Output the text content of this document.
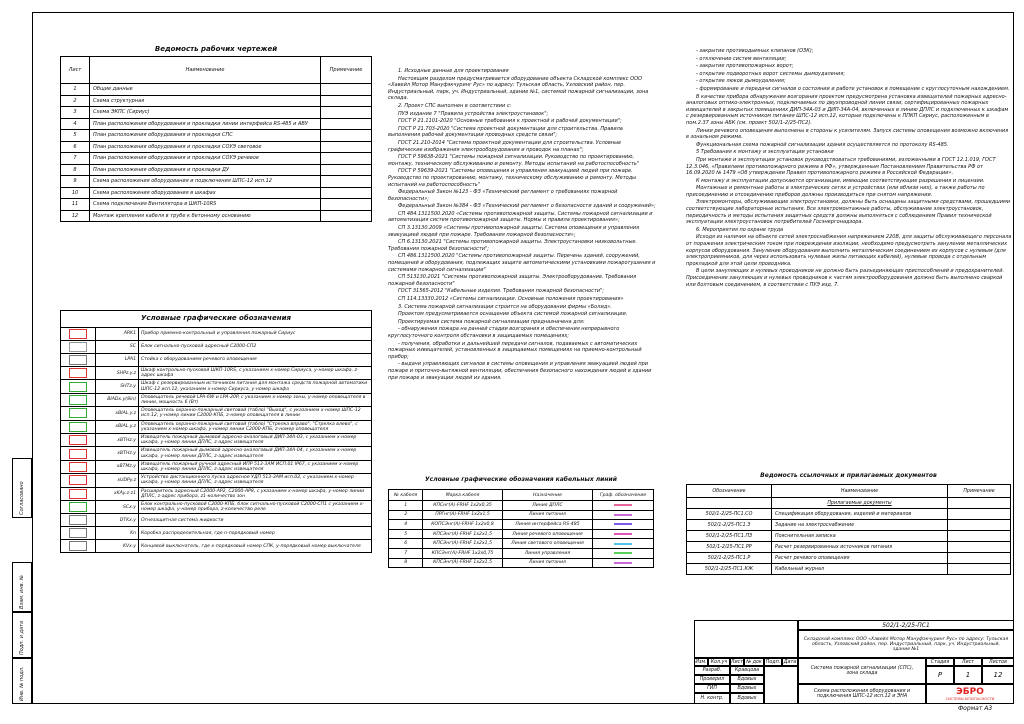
Согласовано
Взам. инв. №
Подп. и дата
Инв. № подл.
Ведомость рабочих чертежей		
Лист	Наименование	Примечание
1	Общие данные	
2	Схема структурная	
3	Схема ЭКПС (Сириус)	
4	План расположения оборудования и прокладки линии интерфейса RS-485 и АВУ	
5	План расположения оборудования и прокладки СПС	
6	План расположения оборудования и прокладки СОУЭ световое	
7	План расположения оборудования и прокладки СОУЭ речевое	
8	План расположения оборудования и прокладки ДУ	
9	Схема расположения оборудования и подключения ШПС-12 исп.12	
10	Схема расположения оборудования в шкафах	
11	Схема подключения Вентилятора в ШКП-10RS	
12	Монтаж крепления кабеля в трубе к бетонному основанию	
Условные графические обозначения		
	ARK1	Прибор приемно-контрольный и управления пожарный Сириус
	SC	Блок сигнально-пусковой адресный С2000-СП2
	LPA1	Стойка с оборудованием речевого оповещения
	SHPz.y.z	Шкаф контрольно-пусковой ШКП-10RS, с указанием х-номер Сириуса, у-номер шкафа, z-адрес шкафа
	SHTz.y	Шкаф с резервированным источником питания для монтажа средств пожарной автоматики ШПС-12 исп.12, указанием х-номер Сириуса, у-номер шкафа
	BIADx.y(8in)	Оповещатель речевой LPA-6W и LPA-20P, с указанием х-номер зоны, у-номер оповещателя в линии, мощность 6 (Вт)
	xBIAL.y.z	Оповещатель охранно-пожарный световой (табло) "Выход", с указанием х-номер ШПС-12 исп.12, у-номер линии С2000-КПБ, z-номер оповещателя в линии
	xBIAL.y.z	Оповещатель охранно-пожарный световой (табло) "Стрелка вправо", "Стрелка влево", с указанием х-номер шкафа, у-номер линии С2000-КПБ, z-номер оповещателя
	xBTHz.y	Извещатель пожарный дымовой адресно-аналоговый ДИП-34А-03, с указанием х-номер шкафа, у-номер линии ДПЛС, z-адрес извещателя
	xBTHz.y	Извещатель пожарный дымовой адресно-аналоговый ДИП-34А-04, с указанием х-номер шкафа, у-номер линии ДПЛС, z-адрес извещателя
	xBTMz.y	Извещатель пожарный ручной адресный ИПР 513-3АМ ИСП.01 IP67, с указанием х-номер шкафа, у-номер линии ДПЛС, z-адрес извещателя
	xUDPy.z	Устройство дистанционного пуска адресное УДП 513-3АМ исп.02, с указанием х-номер шкафа, у-номер линии ДПЛС, z-адрес извещателя
	xKAy.z-z1	Расширитель адресный С2000-АР2, С2000-АР8, с указанием х-номер шкафа, у-номер линии ДПЛС, z-адрес прибора, z1-количество зон
	SCx.y	Блок контрольно-пусковой С2000-КПБ, блок сигнально-пусковой С2000-СП1 с указанием х-номер шкафа, у-номер прибора, z-количество реле
	DTKx.y	Огнезащитная система жидкости
	Kn	Коробка распределительная, где n-порядковый номер
	KVx.y	Концевой выключатель, где х-порядковый номер СПК, у-порядковый номер выключателя
1. Исходные данные для проектирования
Настоящим разделом предусматривается оборудование объекта Складской комплекс ООО «Хавейл Мотор Мануфэкчуринг Рус» по адресу: Тульская область, Узловский район, пер. Индустриальный, парк, уч. Индустриальный, здание №1, системой пожарной сигнализации, зона склада.
2. Проект СПС выполнен в соответствии с:
ПУЭ издание 7 "Правила устройства электроустановок";
ГОСТ Р 21.1101-2020 "Основные требования к проектной и рабочей документации";
ГОСТ Р 21.703-2020 "Система проектной документации для строительства. Правила выполнения рабочей документации проводных средств связи";
ГОСТ 21.210-2014 "Система проектной документации для строительства. Условные графические изображения электрооборудования и проводок на планах";
ГОСТ Р 59638-2021 "Системы пожарной сигнализации. Руководство по проектированию, монтажу, техническому обслуживанию и ремонту. Методы испытаний на работоспособность"
ГОСТ Р 59639-2021 "Системы оповещения и управления эвакуацией людей при пожаре. Руководство по проектированию, монтажу, техническому обслуживанию и ремонту. Методы испытаний на работоспособность"
Федеральный Закон №123 - ФЗ «Технический регламент о требованиях пожарной безопасности»;
Федеральный Закон №384 - ФЗ «Технический регламент о безопасности зданий и сооружений»;
СП 484.1311500.2020 «Системы противопожарной защиты. Системы пожарной сигнализации и автоматизация систем противопожарной защиты. Нормы и правила проектирования»;
СП 3.13130.2009 «Системы противопожарной защиты. Система оповещения и управления эвакуацией людей при пожаре. Требования пожарной безопасности»;
СП 6.13130.2021 "Системы противопожарной защиты. Электроустановки низковольтные. Требования пожарной безопасности";
СП 486.1311500.2020 "Системы противопожарной защиты. Перечень зданий, сооружений, помещений и оборудования, подлежащих защите автоматическими установками пожаротушения и системами пожарной сигнализации"
СП 513130.2021 "Системы противопожарной защиты. Электрооборудование. Требования пожарной безопасности"
ГОСТ 31565-2012 "Кабельные изделия. Требования пожарной безопасности";
СП 114.13330.2012 «Системы сигнализации. Основные положения проектирования»
3. Система пожарной сигнализации строится на оборудовании фирмы «Болид».
Проектом предусматривается оснащение объекта системой пожарной сигнализации.
Проектируемая система пожарной сигнализации предназначена для:
- обнаружения пожара на ранней стадии возгорания и обеспечения непрерывного круглосуточного контроля обстановки в защищаемых помещениях;
- получения, обработки и дальнейшей передачи сигналов, подаваемых с автоматических пожарных извещателей, установленных в защищаемых помещениях на приемно-контрольный прибор;
- выдачи управляющих сигналов в системы оповещения и управления эвакуацией людей при пожаре и приточно-вытяжной вентиляции, обеспечения безопасного нахождения людей в здании при пожаре и эвакуации людей из здания.
- закрытие противодымных клапанов (ОЗК);
- отключение систем вентиляции;
- закрытие противопожарных ворот;
- открытие подворотных ворот системы дымоудаления;
- открытие люков дымоудаления;
- формирование и передачи сигналов о состоянии и работе установок в помещение с круглосуточным нахождением.
В качестве прибора обнаружения возгорания проектом предусмотрена установка извещателей пожарных адресно-аналоговых оптико-электронных, подключаемых по двухпроводной линии связи, сертифицированных пожарных извещателей в закрытых помещениях ДИП-34А-03 и ДИП-34А-04, включенных в линию ДПЛС и подключенных к шкафам с резервированным источником питания ШПС-12 исп.12, которые подключены к ППКП Сириус, расположенным в пом.2.37 зоны АБК (см. проект 502/1-2/25-ПС2).
Линии речевого оповещения выполнены в стороны к усилителям. Запуск системы оповещения возможно включения в зональном режиме.
Функциональная схема пожарной сигнализации здания осуществляется по протоколу RS-485.
5 Требования к монтажу и эксплуатации установки
При монтаже и эксплуатации установок руководствоваться требованиями, изложенными в ГОСТ 12.1.019, ГОСТ 12.3.046, «Правилами противопожарного режима в РФ», утвержденным Постановлением Правительства РФ от 16.09.2020 № 1479 «Об утверждении Правил противопожарного режима в Российской Федерации».
К монтажу и эксплуатации допускаются организации, имеющие соответствующие разрешения и лицензии.
Монтажные и ремонтные работы в электрических сетях и устройствах (или вблизи них), а также работы по присоединению и отсоединению приборов должны производиться при снятом напряжении.
Электромонтеры, обслуживающие электроустановки, должны быть оснащены защитными средствами, прошедшими соответствующие лабораторные испытания. Все электромонтажные работы, обслуживание электроустановок, периодичность и методы испытания защитных средств должны выполняться с соблюдением Правил технической эксплуатации электроустановок потребителей Госэнергонадзора.
6. Мероприятия по охране труда
Исходя из наличия на объекте сетей электроснабжения напряжением 220В, для защиты обслуживающего персонала от поражения электрическим током при повреждении изоляции, необходимо предусмотреть зануление металлических корпусов оборудования. Зануление оборудования выполнить металлическим соединением их корпусов с нулевым (для электроприемников, для через использовать нулевые жилы питающих кабелей), нулевые провода с отдельным прокладкой для этой цели проводника.
В цепи зануляющих и нулевых проводников не должно быть разъединяющих приспособлений и предохранителей. Присоединение зануляющих и нулевых проводников к частям электрооборудования должно быть выполнено сваркой или болтовым соединением, в соответствии с ПУЭ изд. 7.
Условные графические обозначения кабельных линий
№ кабеля	Марка кабеля	Назначение	Граф. обозначение
1	КПСнг(А)-FRHF 1х2х0,35	Линия ДПЛС	

2	ПРГнг(А)-FRHF 1х2х1,5	Линия питания	

4	КОПСЭнг(А)-FRHF 1х2х0,8	Линия интерфейса RS-485	

5	КПСЭнг(А)-FRHF 1х2х1,5	Линия речевого оповещения	

6	КПСЭнг(А)-FRHF 1х2х1,5	Линия светового оповещения	

7	КПСЭнг(А)-FRHF 1х2х0,75	Линия управления	

8	КПСЭнг(А)-FRHF 1х2х1,5	Линия питания	
Ведомость ссылочных и прилагаемых документов
Обозначение	Наименование	Примечание
	Прилагаемые документы	
502/1-2/25-ПС1.СО	Спецификация оборудования, изделий и материалов	
502/1-2/25-ПС1.З	Задание на электроснабжение	
502/1-2/25-ПС1.ПЗ	Пояснительная записка	
502/1-2/25-ПС1.РР	Расчет резервированных источников питания	
502/1-2/25-ПС1.Р	Расчет речевого оповещения	
502/1-2/25-ПС1.КЖ	Кабельный журнал	
502/1-2/25-ПС1
Складской комплекс ООО «Хавейл Мотор Мануфэкчуринг Рус» по адресу: Тульская область, Узловский район, пер. Индустриальный, парк, уч. Индустриальный, здание №1
Изм. Кол.уч Лист № док Подп. Дата
Разраб.	Кравцова
Проверил	Вдовых
ГИП	Вдовых
Н. контр.	Вдовых
Система пожарной сигнализации (СПС), зона склада
Стадия	Лист	Листов
Р	1	12
Схема расположения оборудования и подключения ШПС-12 исп.12 и ЭНА	ЭБРО
СИСТЕМЫ БЕЗОПАСНОСТИ
Формат А3
